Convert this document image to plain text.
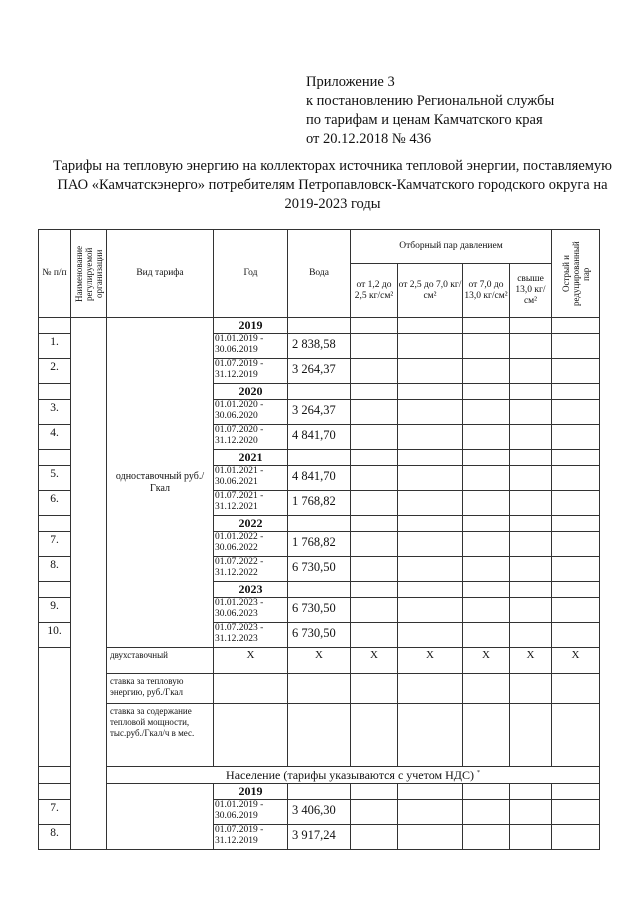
Приложение 3
к постановлению Региональной службы
по тарифам и ценам Камчатского края
от 20.12.2018 № 436
Тарифы на тепловую энергию на коллекторах источника тепловой энергии, поставляемую ПАО «Камчатскэнерго» потребителям Петропавловск-Камчатского городского округа на 2019-2023 годы
№ п/п	Наименование регулируемой организации	Вид тарифа	Год	Вода	Отборный пар давлением				Острый и редуцированный пар

					от 1,2 до 2,5 кг/см²	от 2,5 до 7,0 кг/см²	от 7,0 до 13,0 кг/см²	свыше 13,0 кг/см²	
		одноставочный руб./Гкал	2019						
1.			01.01.2019 - 30.06.2019	2 838,58					
2.			01.07.2019 - 31.12.2019	3 264,37					
			2020						
3.			01.01.2020 - 30.06.2020	3 264,37					
4.			01.07.2020 - 31.12.2020	4 841,70					
			2021						
5.			01.01.2021 - 30.06.2021	4 841,70					
6.			01.07.2021 - 31.12.2021	1 768,82					
			2022						
7.			01.01.2022 - 30.06.2022	1 768,82					
8.			01.07.2022 - 31.12.2022	6 730,50					
			2023						
9.			01.01.2023 - 30.06.2023	6 730,50					
10.			01.07.2023 - 31.12.2023	6 730,50					
		двухставочный	X	X	X	X	X	X	X
		ставка за тепловую энергию, руб./Гкал							
		ставка за содержание тепловой мощности, тыс.руб./Гкал/ч в мес.							
		Население (тарифы указываются с учетом НДС) *
			2019						
7.			01.01.2019 - 30.06.2019	3 406,30					
8.			01.07.2019 - 31.12.2019	3 917,24					
